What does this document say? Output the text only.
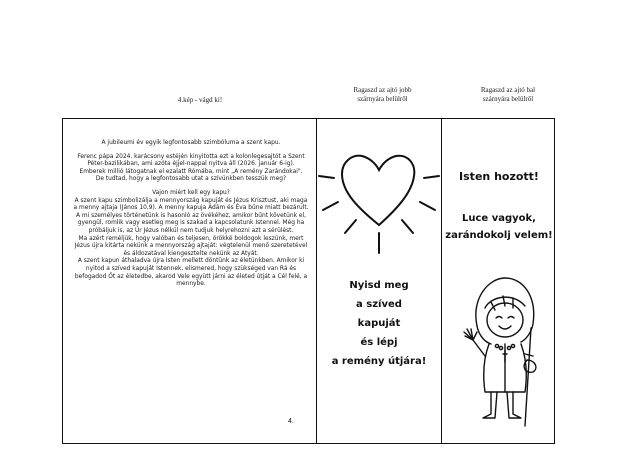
4.kép - vágd ki!
Ragaszd az ajtó jobb
szárnyára belülről
Ragaszd az ajtó bal
szárnyára belülről

A jubileumi év egyik legfontosabb szimbóluma a szent kapu.

Ferenc pápa 2024. karácsony estéjén kinyitotta ezt a kolonlegesajtót a Szent Péter-bazilikában, ami azóta éjjel-nappal nyitva áll (2026. január 6-ig).

Emberek millió látogatnak el ezalatt Rómába, mint „A remény Zarándokai".

De tudtad, hogy a legfontosabb utat a szívünkben tesszük meg?

Vajon miért kell egy kapu?

A szent kapu szimbolizálja a mennyország kapuját és Jézus Krisztust, aki maga a menny ajtaja (János 10,9). A menny kapuja Ádám és Éva bűne miatt bezárult. A mi személyes történetünk is hasonló az övékéhez, amikor bűnt követünk el, gyengül, romlik vagy esetleg meg is szakad a kapcsolatunk Istennel. Még ha próbáljuk is, az Úr Jézus nélkül nem tudjuk helyrehozni azt a sérülést.

Ma azért reméljük, hogy valóban és teljesen, örökké boldogok leszünk, mert Jézus újra kitárta nekünk a mennyország ajtaját: végtelenül menő szeretetével és áldozatával kiengesztelte nekünk az Atyát.

A szent kapun áthaladva újra Isten mellett döntünk az életünkben. Amikor ki nyitod a szíved kapuját Istennek, elismered, hogy szükséged van Rá és befogadod Őt az életedbe, akarod Vele együtt járni az életed útját a Cél felé, a mennybe.

4.
Nyisd meg
a szíved
kapuját
és lépj
a remény útjára!
Isten hozott!
Luce vagyok,
zarándokolj velem!
